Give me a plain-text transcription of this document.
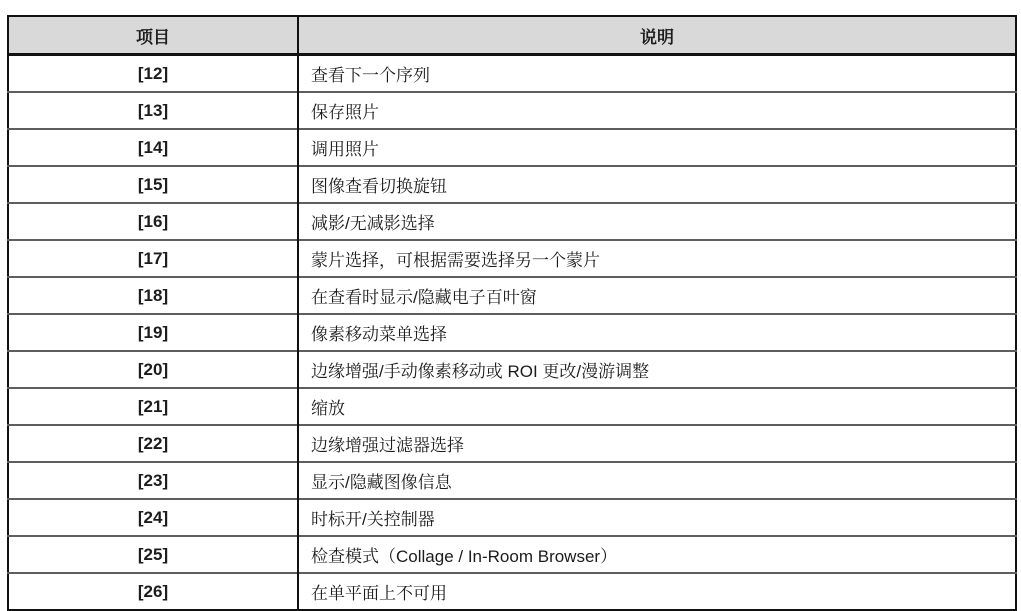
项目	说明
[12]	查看下一个序列
[13]	保存照片
[14]	调用照片
[15]	图像查看切换旋钮
[16]	减影/无减影选择
[17]	蒙片选择，可根据需要选择另一个蒙片
[18]	在查看时显示/隐藏电子百叶窗
[19]	像素移动菜单选择
[20]	边缘增强/手动像素移动或 ROI 更改/漫游调整
[21]	缩放
[22]	边缘增强过滤器选择
[23]	显示/隐藏图像信息
[24]	时标开/关控制器
[25]	检查模式（Collage / In-Room Browser）
[26]	在单平面上不可用
